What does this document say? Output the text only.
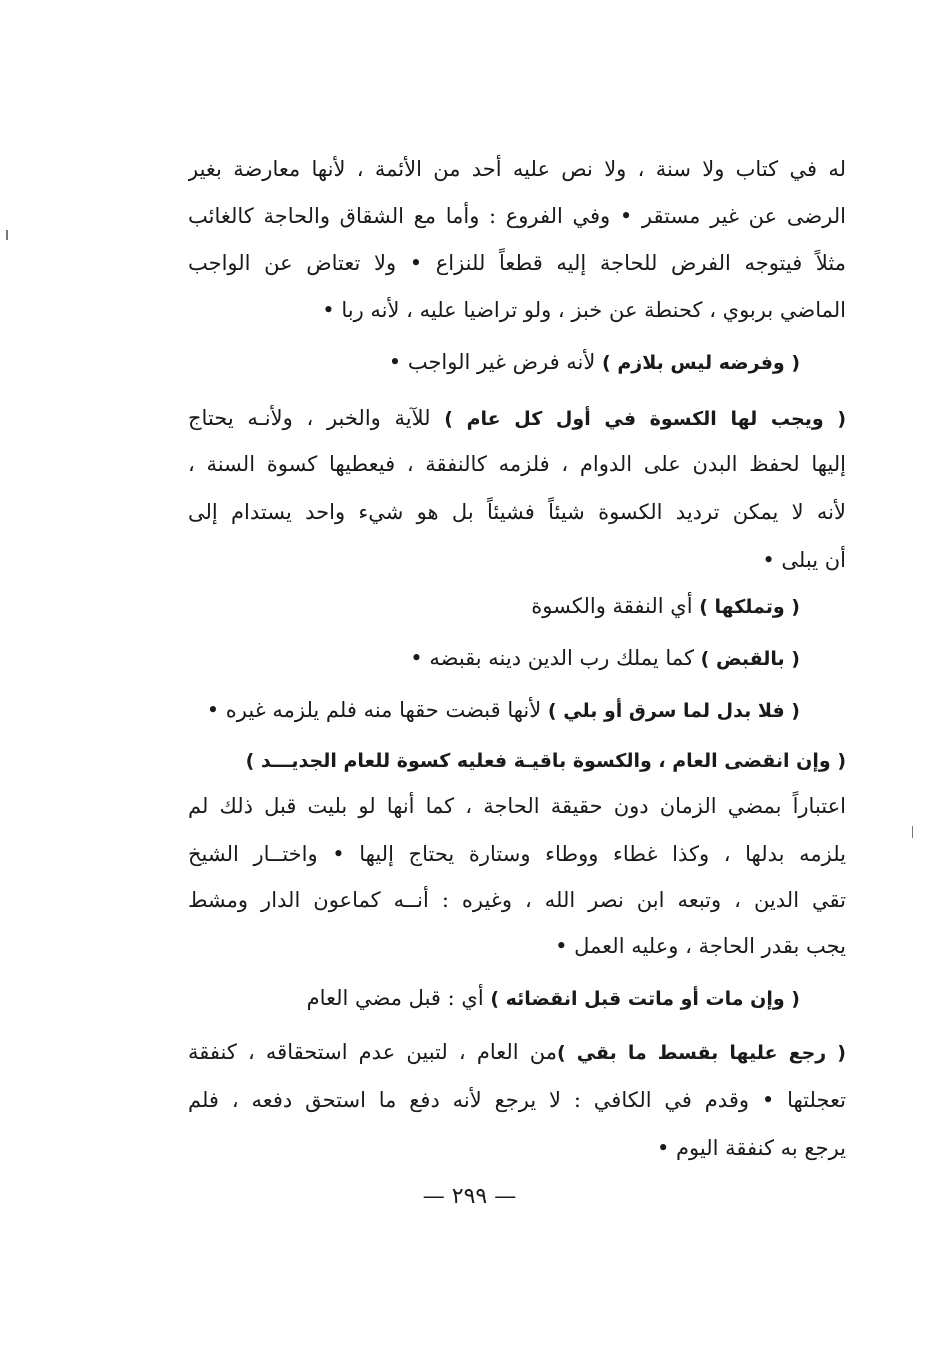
له في كتاب ولا سنة ، ولا نص عليه أحد من الأئمة ، لأنها معارضة بغير
الرضى عن غير مستقر • وفي الفروع : وأما مع الشقاق والحاجة كالغائب
مثلاً فيتوجه الفرض للحاجة إليه قطعاً للنزاع • ولا تعتاض عن الواجب
الماضي بربوي ، كحنطة عن خبز ، ولو تراضيا عليه ، لأنه ربا •
( وفرضه ليس بلازم ) لأنه فرض غير الواجب •
( ويجب لها الكسوة في أول كل عام ) للآية والخبر ، ولأنـه يحتاج
إليها لحفظ البدن على الدوام ، فلزمه كالنفقة ، فيعطيها كسوة السنة ،
لأنه لا يمكن ترديد الكسوة شيئاً فشيئاً بل هو شيء واحد يستدام إلى
أن يبلى •
( وتملكها ) أي النفقة والكسوة
( بالقبض ) كما يملك رب الدين دينه بقبضه •
( فلا بدل لما سرق أو بلي ) لأنها قبضت حقها منه فلم يلزمه غيره •
( وإن انقضى العام ، والكسوة باقيـة فعليه كسوة للعام الجديـــد )
اعتباراً بمضي الزمان دون حقيقة الحاجة ، كما أنها لو بليت قبل ذلك لم
يلزمه بدلها ، وكذا غطاء ووطاء وستارة يحتاج إليها • واختــار الشيخ
تقي الدين ، وتبعه ابن نصر الله ، وغيره : أنــه كماعون الدار ومشط
يجب بقدر الحاجة ، وعليه العمل •
( وإن مات أو ماتت قبل انقضائه ) أي : قبل مضي العام
( رجع عليها بقسط ما بقي )من العام ، لتبين عدم استحقاقه ، كنفقة
تعجلتها • وقدم في الكافي : لا يرجع لأنه دفع ما استحق دفعه ، فلم
يرجع به كنفقة اليوم •
— ٢٩٩ —
